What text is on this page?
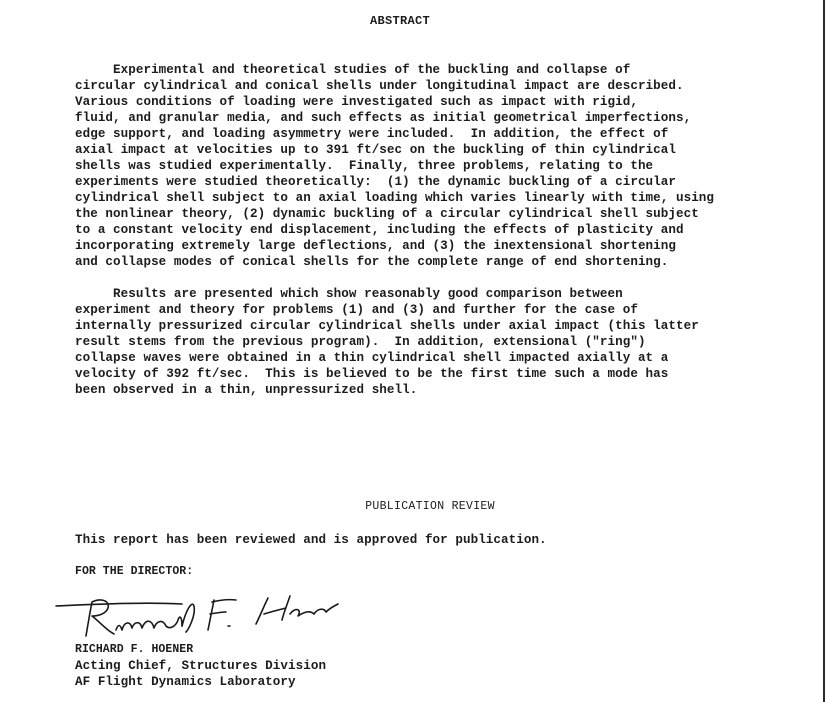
ABSTRACT
Experimental and theoretical studies of the buckling and collapse of
circular cylindrical and conical shells under longitudinal impact are described.
Various conditions of loading were investigated such as impact with rigid,
fluid, and granular media, and such effects as initial geometrical imperfections,
edge support, and loading asymmetry were included.  In addition, the effect of
axial impact at velocities up to 391 ft/sec on the buckling of thin cylindrical
shells was studied experimentally.  Finally, three problems, relating to the
experiments were studied theoretically:  (1) the dynamic buckling of a circular
cylindrical shell subject to an axial loading which varies linearly with time, using
the nonlinear theory, (2) dynamic buckling of a circular cylindrical shell subject
to a constant velocity end displacement, including the effects of plasticity and
incorporating extremely large deflections, and (3) the inextensional shortening
and collapse modes of conical shells for the complete range of end shortening.
Results are presented which show reasonably good comparison between
experiment and theory for problems (1) and (3) and further for the case of
internally pressurized circular cylindrical shells under axial impact (this latter
result stems from the previous program).  In addition, extensional ("ring")
collapse waves were obtained in a thin cylindrical shell impacted axially at a
velocity of 392 ft/sec.  This is believed to be the first time such a mode has
been observed in a thin, unpressurized shell.
PUBLICATION REVIEW
This report has been reviewed and is approved for publication.
FOR THE DIRECTOR:
RICHARD F. HOENER
Acting Chief, Structures Division
AF Flight Dynamics Laboratory
